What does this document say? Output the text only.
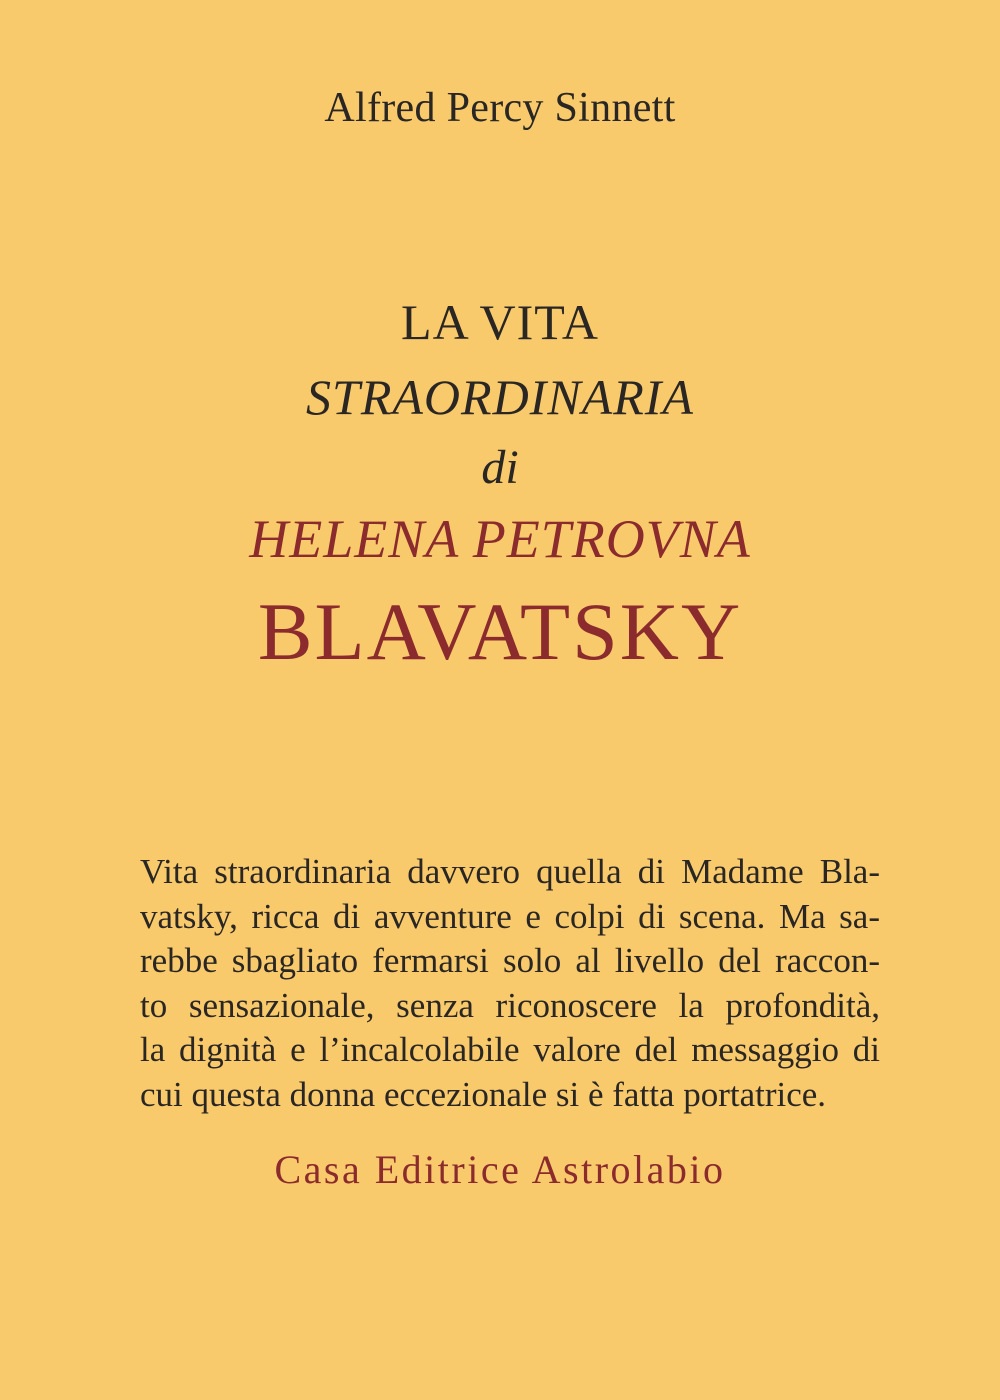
Alfred Percy Sinnett
LA VITA
STRAORDINARIA
di
HELENA PETROVNA
BLAVATSKY
Vita straordinaria davvero quella di Madame Bla-
vatsky, ricca di avventure e colpi di scena. Ma sa-
rebbe sbagliato fermarsi solo al livello del raccon-
to sensazionale, senza riconoscere la profondità,
la dignità e l’incalcolabile valore del messaggio di
cui questa donna eccezionale si è fatta portatrice.
Casa Editrice Astrolabio
